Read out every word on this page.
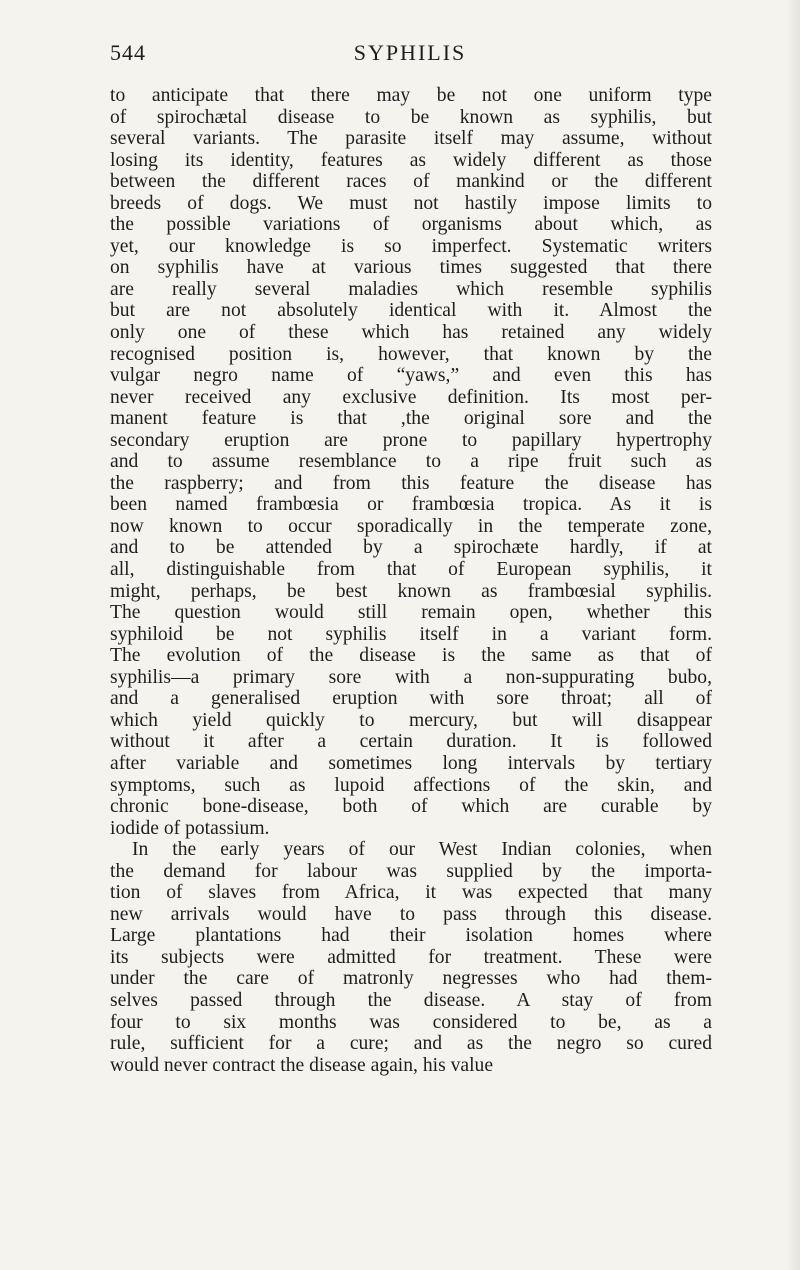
544	SYPHILIS
to anticipate that there may be not one uniform type
of spirochætal disease to be known as syphilis, but
several variants. The parasite itself may assume, without
losing its identity, features as widely different as those
between the different races of mankind or the different
breeds of dogs. We must not hastily impose limits to
the possible variations of organisms about which, as
yet, our knowledge is so imperfect. Systematic writers
on syphilis have at various times suggested that there
are really several maladies which resemble syphilis
but are not absolutely identical with it. Almost the
only one of these which has retained any widely
recognised position is, however, that known by the
vulgar negro name of “yaws,” and even this has
never received any exclusive definition. Its most per-
manent feature is that ,the original sore and the
secondary eruption are prone to papillary hypertrophy
and to assume resemblance to a ripe fruit such as
the raspberry; and from this feature the disease has
been named frambœsia or frambœsia tropica. As it is
now known to occur sporadically in the temperate zone,
and to be attended by a spirochæte hardly, if at
all, distinguishable from that of European syphilis, it
might, perhaps, be best known as frambœsial syphilis.
The question would still remain open, whether this
syphiloid be not syphilis itself in a variant form.
The evolution of the disease is the same as that of
syphilis—a primary sore with a non-suppurating bubo,
and a generalised eruption with sore throat; all of
which yield quickly to mercury, but will disappear
without it after a certain duration. It is followed
after variable and sometimes long intervals by tertiary
symptoms, such as lupoid affections of the skin, and
chronic bone-disease, both of which are curable by
iodide of potassium.
In the early years of our West Indian colonies, when
the demand for labour was supplied by the importa-
tion of slaves from Africa, it was expected that many
new arrivals would have to pass through this disease.
Large plantations had their isolation homes where
its subjects were admitted for treatment. These were
under the care of matronly negresses who had them-
selves passed through the disease. A stay of from
four to six months was considered to be, as a
rule, sufficient for a cure; and as the negro so cured
would never contract the disease again, his value
